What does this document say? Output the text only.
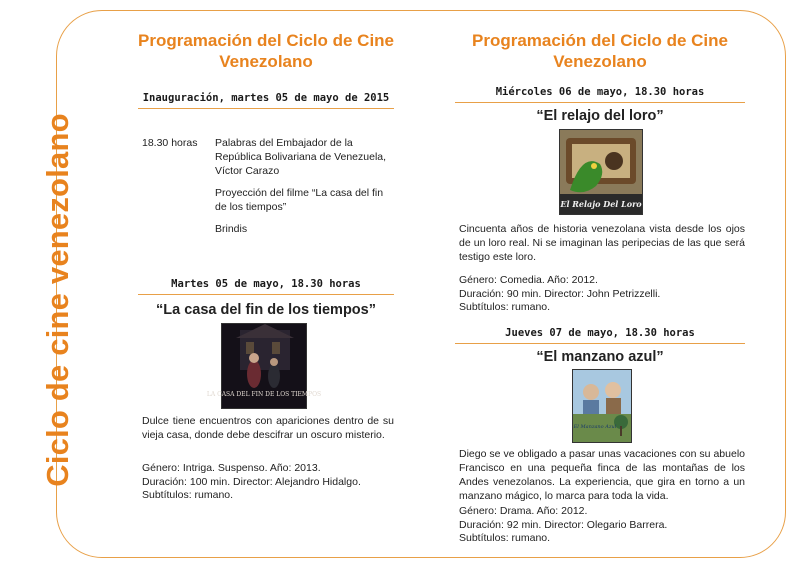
Ciclo de cine venezolano
Programación del Ciclo de Cine Venezolano
Inauguración, martes 05 de mayo de 2015
18.30 horas Palabras del Embajador de la República Bolivariana de Venezuela, Víctor Carazo
Proyección del filme “La casa del fin de los tiempos”
Brindis
Martes 05 de mayo, 18.30 horas
“La casa del fin de los tiempos”
LA CASA DEL FIN DE LOS TIEMPOS
Dulce tiene encuentros con apariciones dentro de su vieja casa, donde debe descifrar un oscuro misterio.
Género: Intriga. Suspenso. Año: 2013.
Duración: 100 min. Director: Alejandro Hidalgo.
Subtítulos: rumano.
Programación del Ciclo de Cine Venezolano
Miércoles 06 de mayo, 18.30 horas
“El relajo del loro”
El Relajo Del Loro
Cincuenta años de historia venezolana vista desde los ojos de un loro real. Ni se imaginan las peripecias de las que será testigo este loro.
Género: Comedia. Año: 2012.
Duración: 90 min. Director: John Petrizzelli.
Subtítulos: rumano.
Jueves 07 de mayo, 18.30 horas
“El manzano azul”
El Manzano Azul
Diego se ve obligado a pasar unas vacaciones con su abuelo Francisco en una pequeña finca de las montañas de los Andes venezolanos. La experiencia, que gira en torno a un manzano mágico, lo marca para toda la vida.
Género: Drama. Año: 2012.
Duración: 92 min. Director: Olegario Barrera.
Subtítulos: rumano.
